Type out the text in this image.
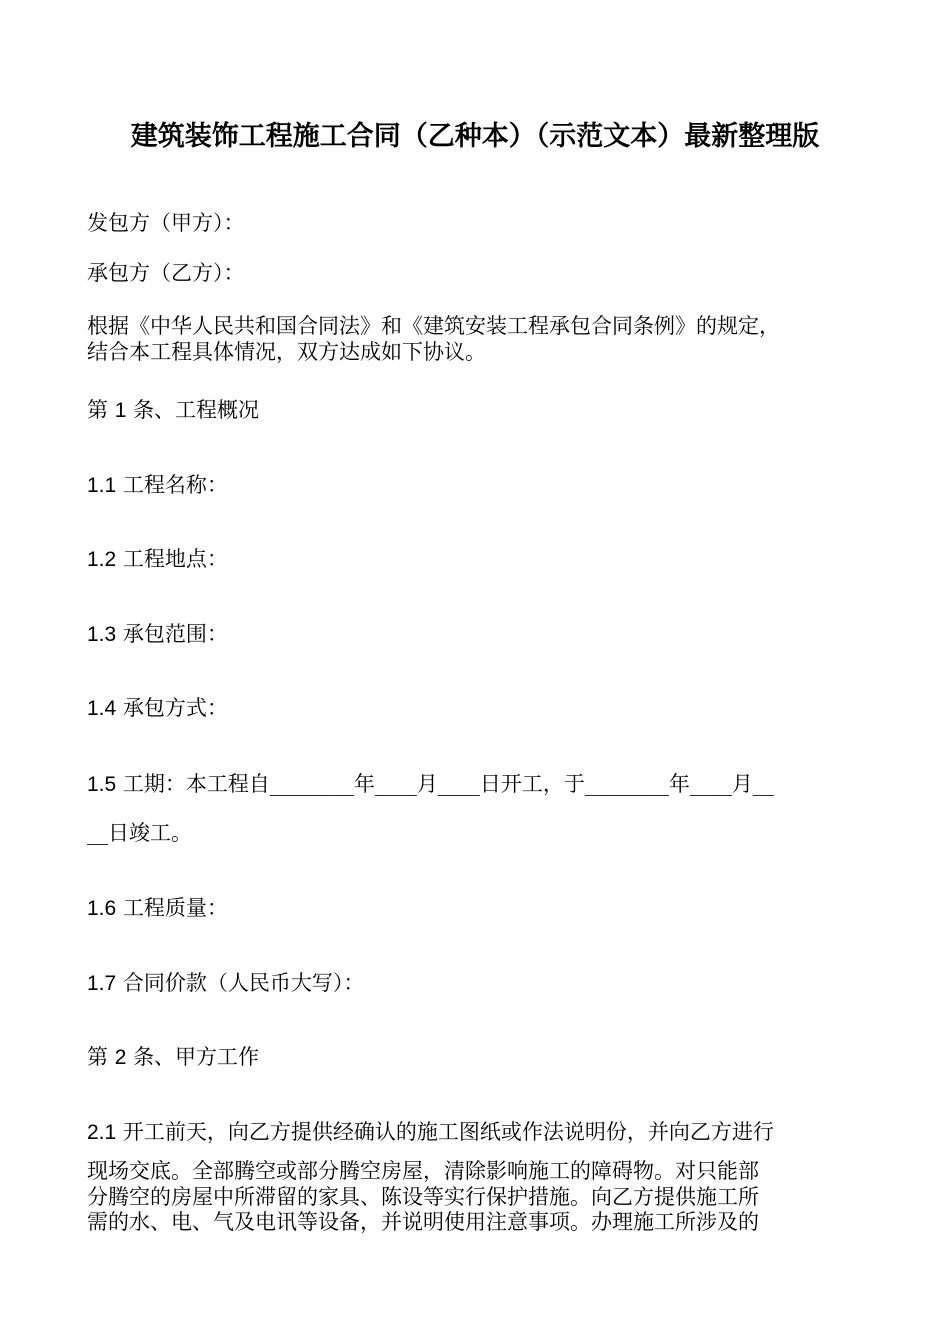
建筑装饰工程施工合同（乙种本）（示范文本）最新整理版
发包方（甲方）：
承包方（乙方）：
根据《中华人民共和国合同法》和《建筑安装工程承包合同条例》的规定，
结合本工程具体情况，双方达成如下协议。
第 1 条、工程概况
1.1 工程名称：
1.2 工程地点：
1.3 承包范围：
1.4 承包方式：
1.5 工期：本工程自________年____月____日开工，于________年____月__
__日竣工。
1.6 工程质量：
1.7 合同价款（人民币大写）：
第 2 条、甲方工作
2.1 开工前天，向乙方提供经确认的施工图纸或作法说明份，并向乙方进行
现场交底。全部腾空或部分腾空房屋，清除影响施工的障碍物。对只能部
分腾空的房屋中所滞留的家具、陈设等实行保护措施。向乙方提供施工所
需的水、电、气及电讯等设备，并说明使用注意事项。办理施工所涉及的
